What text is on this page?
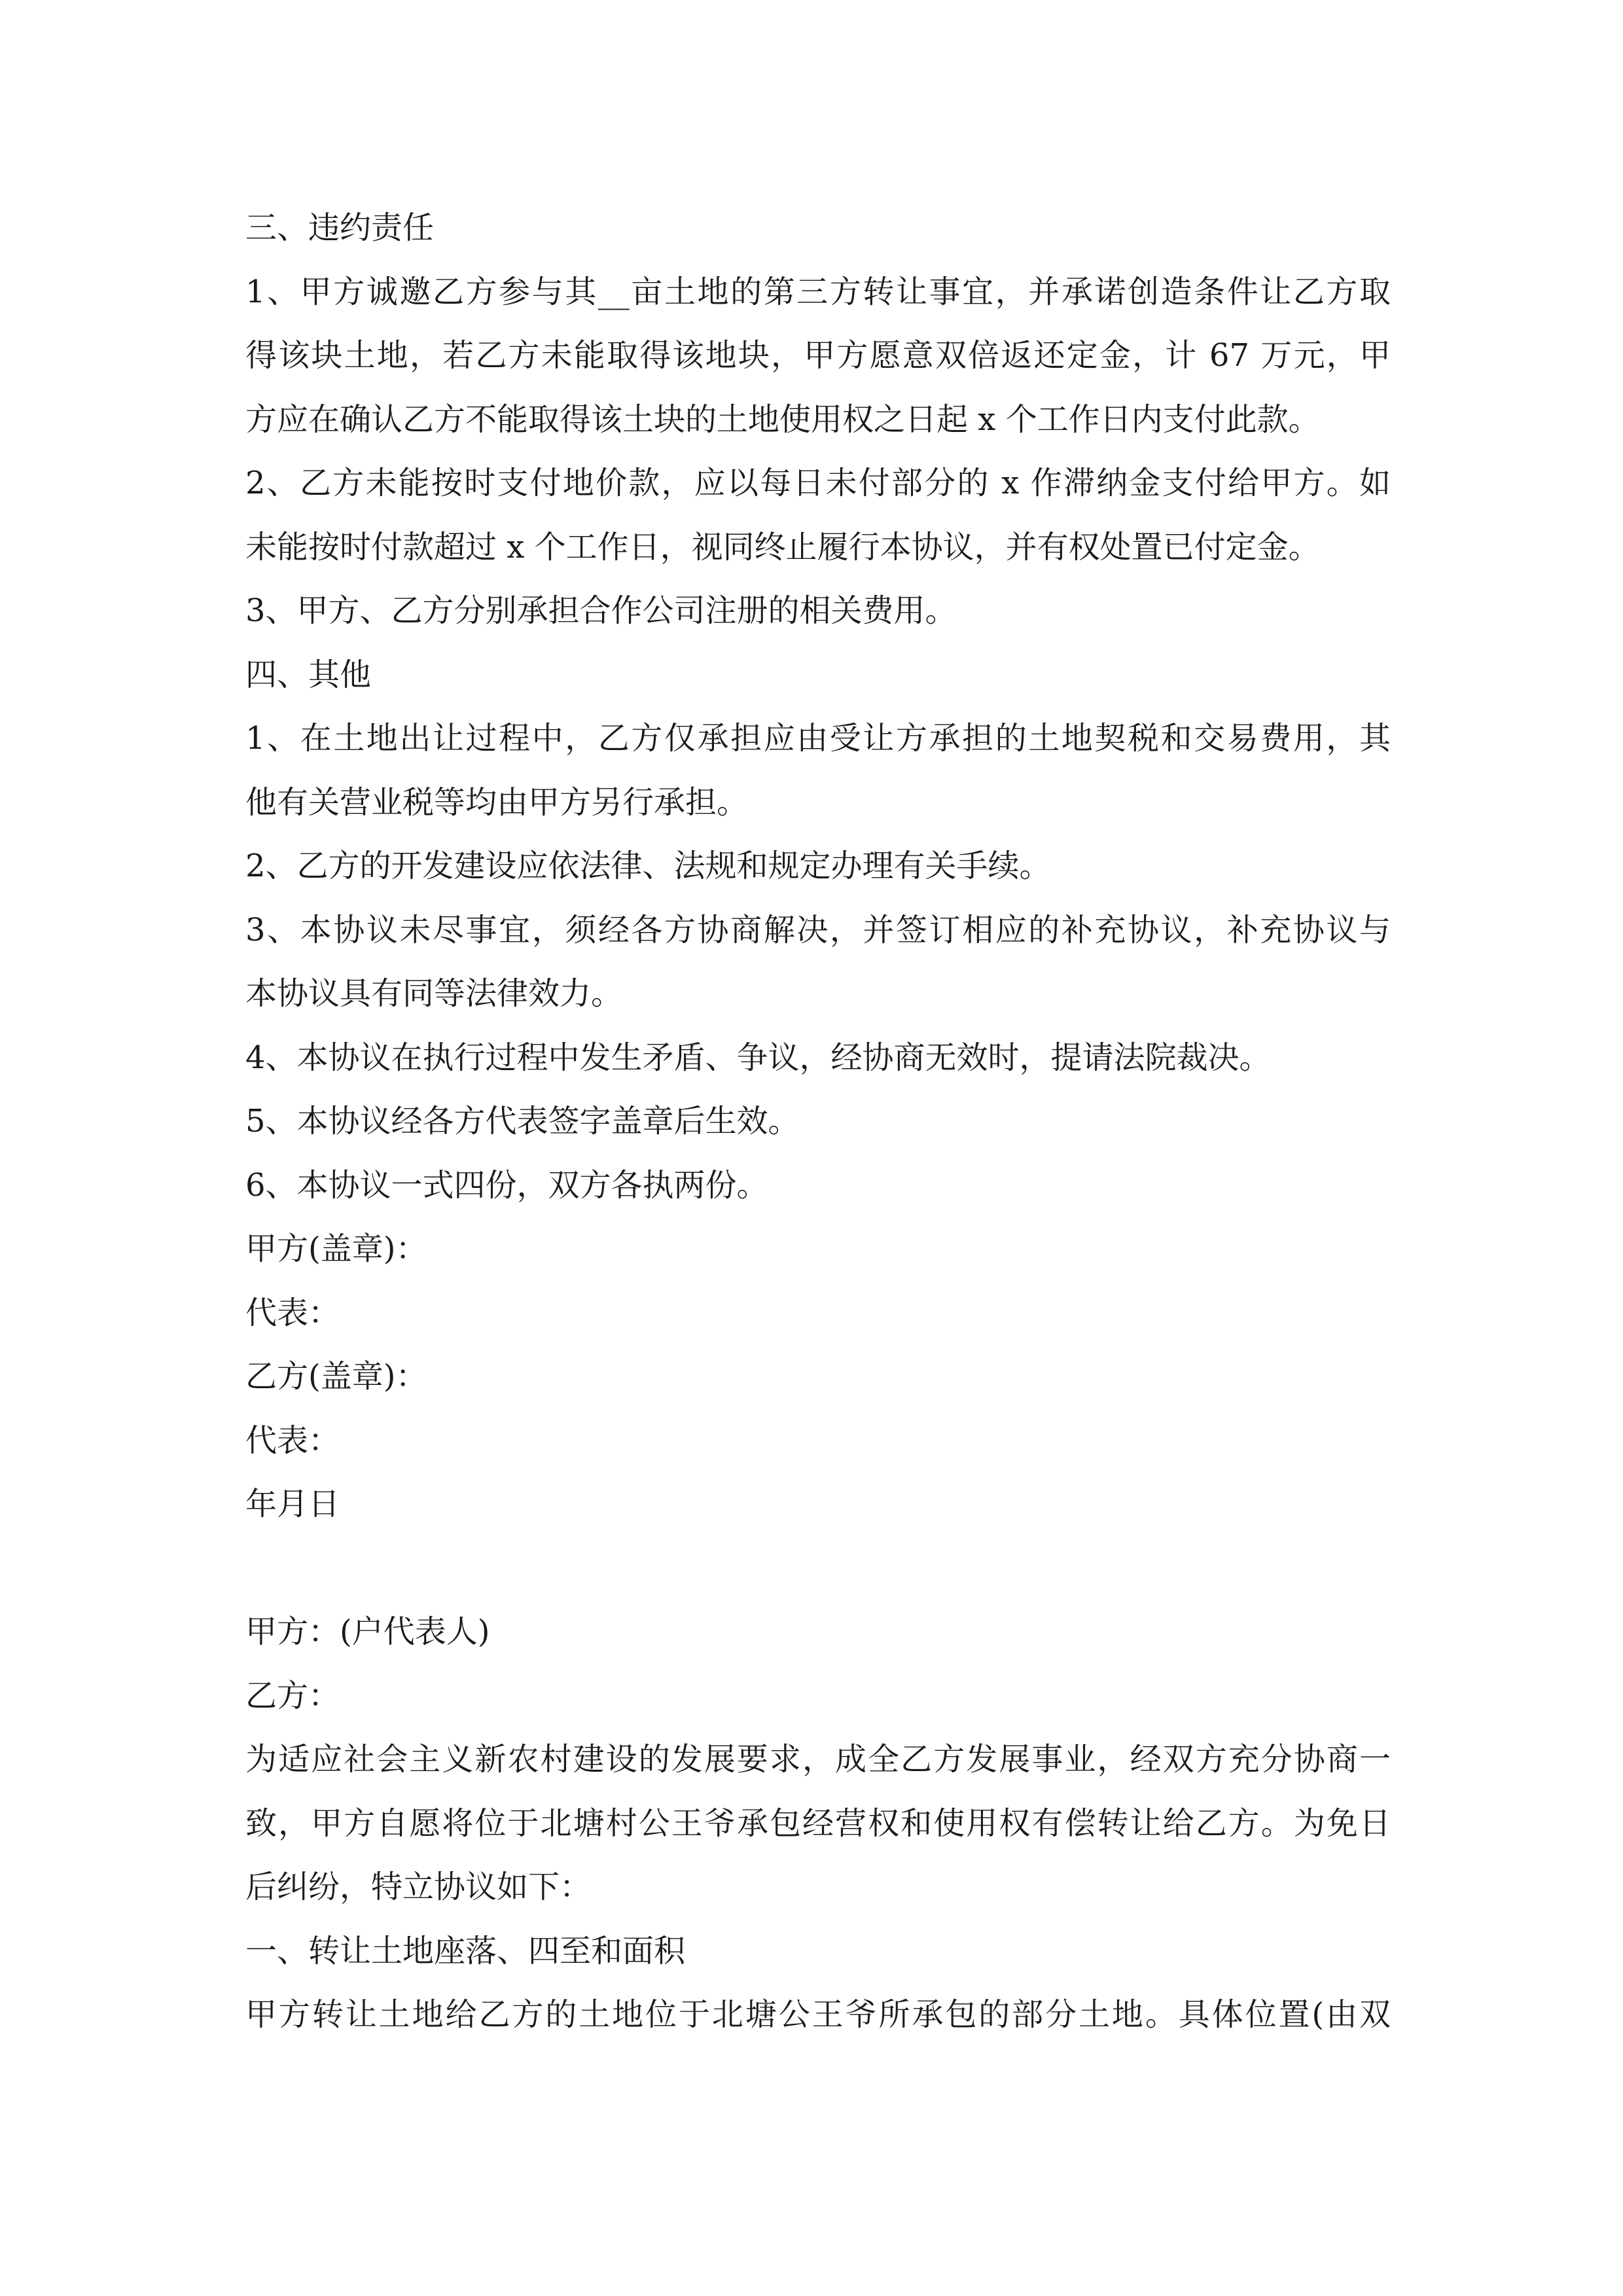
三、违约责任
1、甲方诚邀乙方参与其__亩土地的第三方转让事宜，并承诺创造条件让乙方取
得该块土地，若乙方未能取得该地块，甲方愿意双倍返还定金，计 67 万元，甲
方应在确认乙方不能取得该土块的土地使用权之日起 x 个工作日内支付此款。
2、乙方未能按时支付地价款，应以每日未付部分的 x 作滞纳金支付给甲方。如
未能按时付款超过 x 个工作日，视同终止履行本协议，并有权处置已付定金。
3、甲方、乙方分别承担合作公司注册的相关费用。
四、其他
1、在土地出让过程中，乙方仅承担应由受让方承担的土地契税和交易费用，其
他有关营业税等均由甲方另行承担。
2、乙方的开发建设应依法律、法规和规定办理有关手续。
3、本协议未尽事宜，须经各方协商解决，并签订相应的补充协议，补充协议与
本协议具有同等法律效力。
4、本协议在执行过程中发生矛盾、争议，经协商无效时，提请法院裁决。
5、本协议经各方代表签字盖章后生效。
6、本协议一式四份，双方各执两份。
甲方(盖章)：
代表：
乙方(盖章)：
代表：
年月日
甲方：(户代表人)
乙方：
为适应社会主义新农村建设的发展要求，成全乙方发展事业，经双方充分协商一
致，甲方自愿将位于北塘村公王爷承包经营权和使用权有偿转让给乙方。为免日
后纠纷，特立协议如下：
一、转让土地座落、四至和面积
甲方转让土地给乙方的土地位于北塘公王爷所承包的部分土地。具体位置(由双
